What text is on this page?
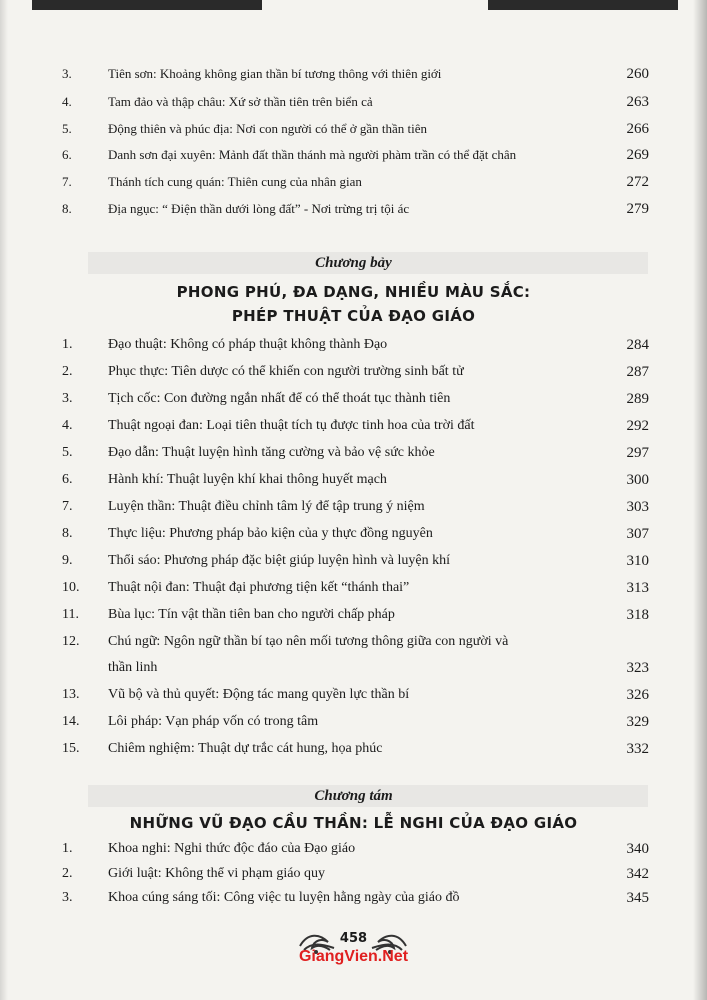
3.	Tiên sơn: Khoảng không gian thần bí tương thông với thiên giới	260
4.	Tam đảo và thập châu: Xứ sở thần tiên trên biển cả	263
5.	Động thiên và phúc địa: Nơi con người có thể ở gần thần tiên	266
6.	Danh sơn đại xuyên: Mảnh đất thần thánh mà người phàm trần có thể đặt chân	269
7.	Thánh tích cung quán: Thiên cung của nhân gian	272
8.	Địa ngục: “ Điện thần dưới lòng đất” - Nơi trừng trị tội ác	279
Chương bảy
PHONG PHÚ, ĐA DẠNG, NHIỀU MÀU SẮC:
PHÉP THUẬT CỦA ĐẠO GIÁO
1.	Đạo thuật: Không có pháp thuật không thành Đạo	284
2.	Phục thực: Tiên dược có thể khiến con người trường sinh bất tử	287
3.	Tịch cốc: Con đường ngắn nhất để có thể thoát tục thành tiên	289
4.	Thuật ngoại đan: Loại tiên thuật tích tụ được tinh hoa của trời đất	292
5.	Đạo dẫn: Thuật luyện hình tăng cường và bảo vệ sức khỏe	297
6.	Hành khí: Thuật luyện khí khai thông huyết mạch	300
7.	Luyện thần: Thuật điều chỉnh tâm lý để tập trung ý niệm	303
8.	Thực liệu: Phương pháp bảo kiện của y thực đồng nguyên	307
9.	Thổi sáo: Phương pháp đặc biệt giúp luyện hình và luyện khí	310
10. Thuật nội đan: Thuật đại phương tiện kết “thánh thai”	313
11. Bùa lục: Tín vật thần tiên ban cho người chấp pháp	318
12. Chú ngữ: Ngôn ngữ thần bí tạo nên mối tương thông giữa con người và
thần linh	323
13. Vũ bộ và thủ quyết: Động tác mang quyền lực thần bí	326
14. Lôi pháp: Vạn pháp vốn có trong tâm	329
15. Chiêm nghiệm: Thuật dự trắc cát hung, họa phúc	332
Chương tám
NHỮNG VŨ ĐẠO CẦU THẦN: LỄ NGHI CỦA ĐẠO GIÁO
1.	Khoa nghi: Nghi thức độc đáo của Đạo giáo	340
2.	Giới luật: Không thể vi phạm giáo quy	342
3.	Khoa cúng sáng tối: Công việc tu luyện hằng ngày của giáo đồ	345
458
GiangVien.Net
